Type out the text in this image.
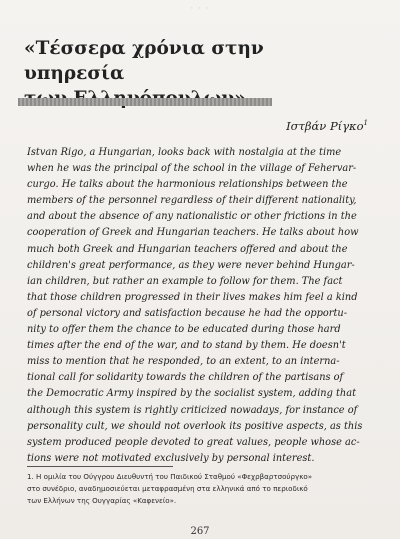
· · ·
«Τέσσερα χρόνια στην υπηρεσία
Ιστβάν Ρίγκο$^1$
Istvan Rigo, a Hungarian, looks back with nostalgia at the time
when he was the principal of the school in the village of Fehervar-
curgo. He talks about the harmonious relationships between the
members of the personnel regardless of their different nationality,
and about the absence of any nationalistic or other frictions in the
cooperation of Greek and Hungarian teachers. He talks about how
much both Greek and Hungarian teachers offered and about the
children's great performance, as they were never behind Hungar-
ian children, but rather an example to follow for them. The fact
that those children progressed in their lives makes him feel a kind
of personal victory and satisfaction because he had the opportu-
nity to offer them the chance to be educated during those hard
times after the end of the war, and to stand by them. He doesn't
miss to mention that he responded, to an extent, to an interna-
tional call for solidarity towards the children of the partisans of
the Democratic Army inspired by the socialist system, adding that
although this system is rightly criticized nowadays, for instance of
personality cult, we should not overlook its positive aspects, as this
system produced people devoted to great values, people whose ac-
tions were not motivated exclusively by personal interest.
1. Η ομιλία του Ούγγρου Διευθυντή του Παιδικού Σταθμού «Φεχρβαρτσούργκο»
στο συνέδριο, αναδημοσιεύεται μεταφρασμένη στα ελληνικά από το περιοδικό
των Ελλήνων της Ουγγαρίας «Καφενείο».
267
